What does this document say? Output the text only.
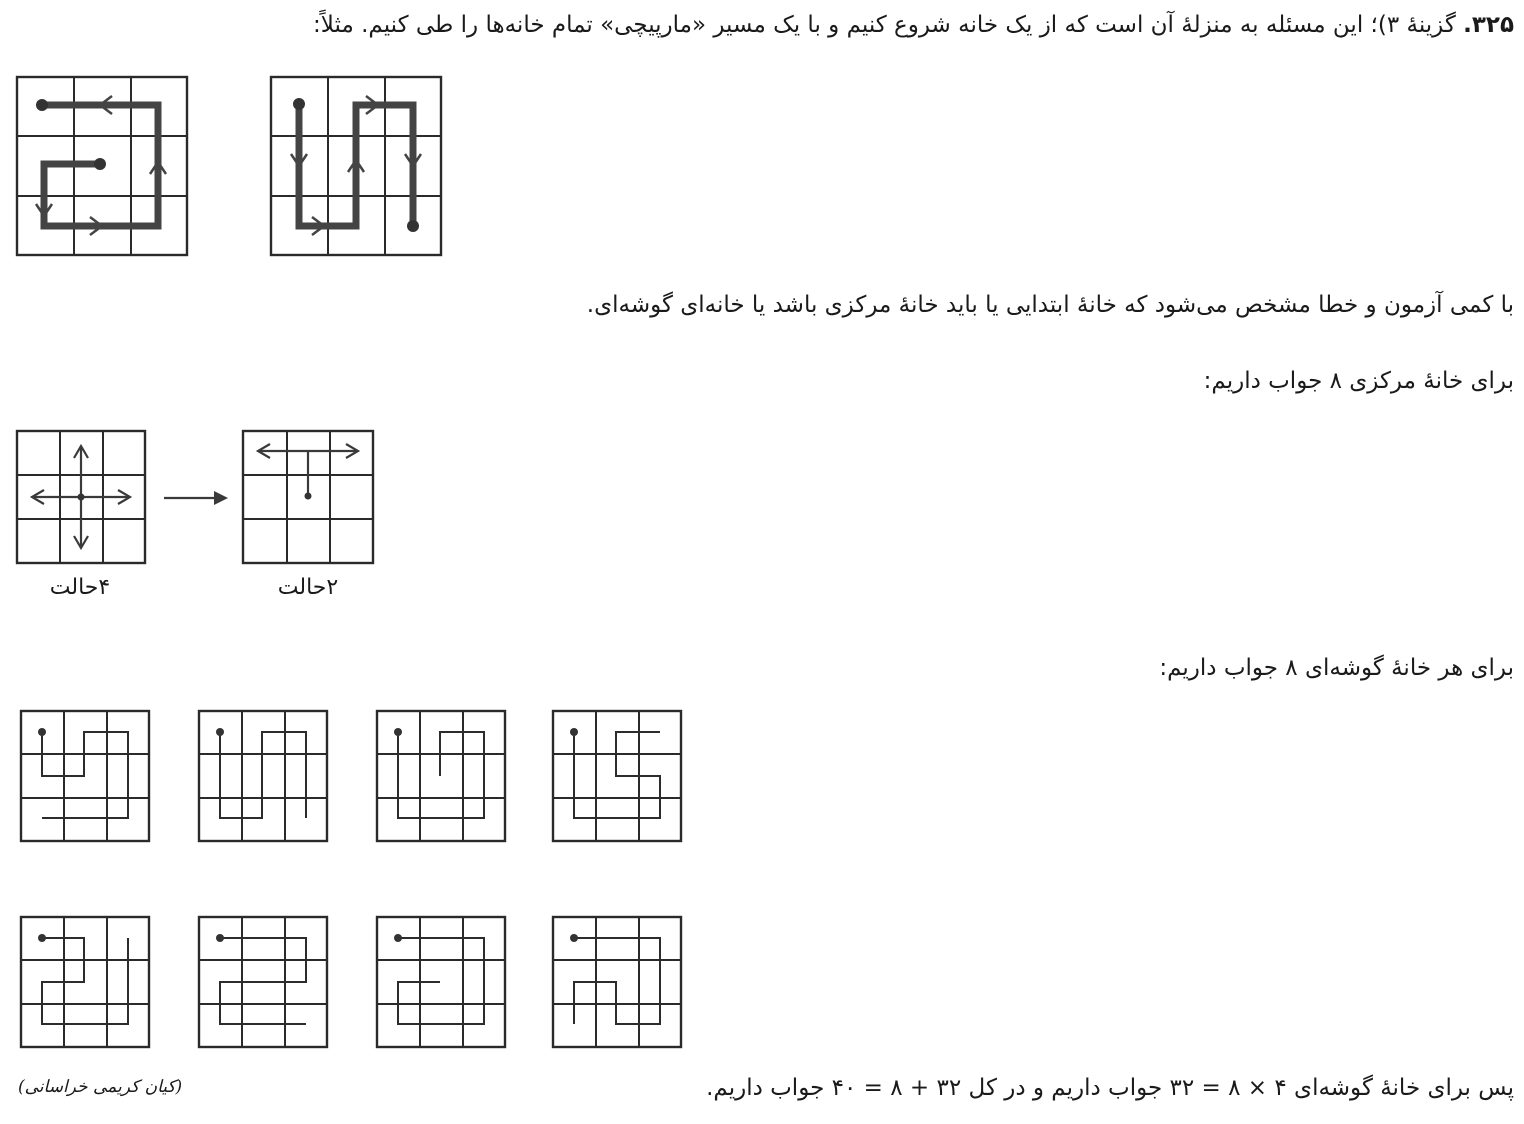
۳۲۵. گزینهٔ ۳)؛ این مسئله به منزلهٔ آن است که از یک خانه شروع کنیم و با یک مسیر «مارپیچی» تمام خانه‌ها را طی کنیم. مثلاً:
با کمی آزمون و خطا مشخص می‌شود که خانهٔ ابتدایی یا باید خانهٔ مرکزی باشد یا خانه‌ای گوشه‌ای.
برای خانهٔ مرکزی ۸ جواب داریم:
۴حالت	۲حالت
برای هر خانهٔ گوشه‌ای ۸ جواب داریم:
پس برای خانهٔ گوشه‌ای ۴ × ۸ = ۳۲ جواب داریم و در کل ۳۲ + ۸ = ۴۰ جواب داریم.
(کیان کریمی خراسانی)
